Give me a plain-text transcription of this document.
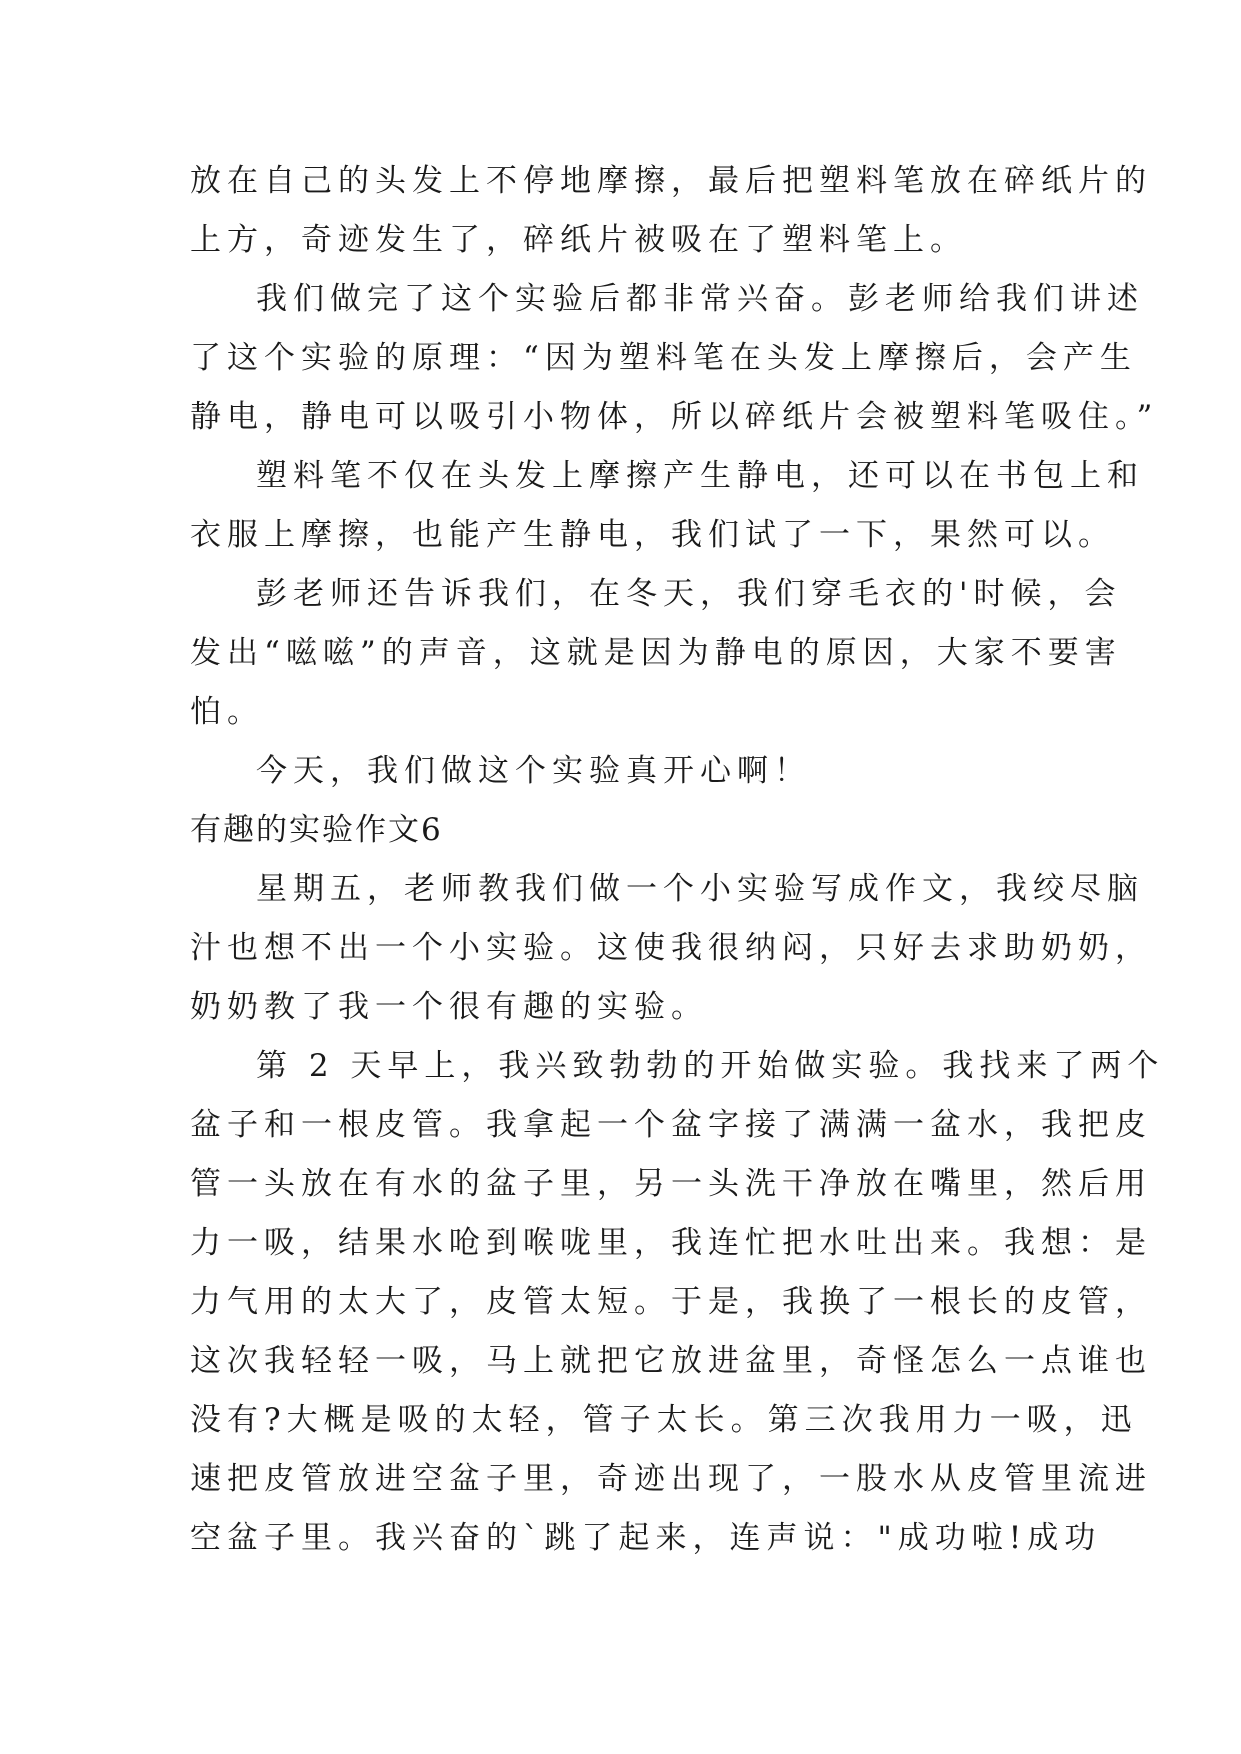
放在自己的头发上不停地摩擦，最后把塑料笔放在碎纸片的
上方，奇迹发生了，碎纸片被吸在了塑料笔上。
我们做完了这个实验后都非常兴奋。彭老师给我们讲述
了这个实验的原理：“因为塑料笔在头发上摩擦后，会产生
静电，静电可以吸引小物体，所以碎纸片会被塑料笔吸住。”
塑料笔不仅在头发上摩擦产生静电，还可以在书包上和
衣服上摩擦，也能产生静电，我们试了一下，果然可以。
彭老师还告诉我们，在冬天，我们穿毛衣的'时候，会
发出“嗞嗞”的声音，这就是因为静电的原因，大家不要害
怕。
今天，我们做这个实验真开心啊！
有趣的实验作文6
星期五，老师教我们做一个小实验写成作文，我绞尽脑
汁也想不出一个小实验。这使我很纳闷，只好去求助奶奶，
奶奶教了我一个很有趣的实验。
第 2 天早上，我兴致勃勃的开始做实验。我找来了两个
盆子和一根皮管。我拿起一个盆字接了满满一盆水，我把皮
管一头放在有水的盆子里，另一头洗干净放在嘴里，然后用
力一吸，结果水呛到喉咙里，我连忙把水吐出来。我想：是
力气用的太大了，皮管太短。于是，我换了一根长的皮管，
这次我轻轻一吸，马上就把它放进盆里，奇怪怎么一点谁也
没有?大概是吸的太轻，管子太长。第三次我用力一吸，迅
速把皮管放进空盆子里，奇迹出现了，一股水从皮管里流进
空盆子里。我兴奋的`跳了起来，连声说："成功啦!成功
